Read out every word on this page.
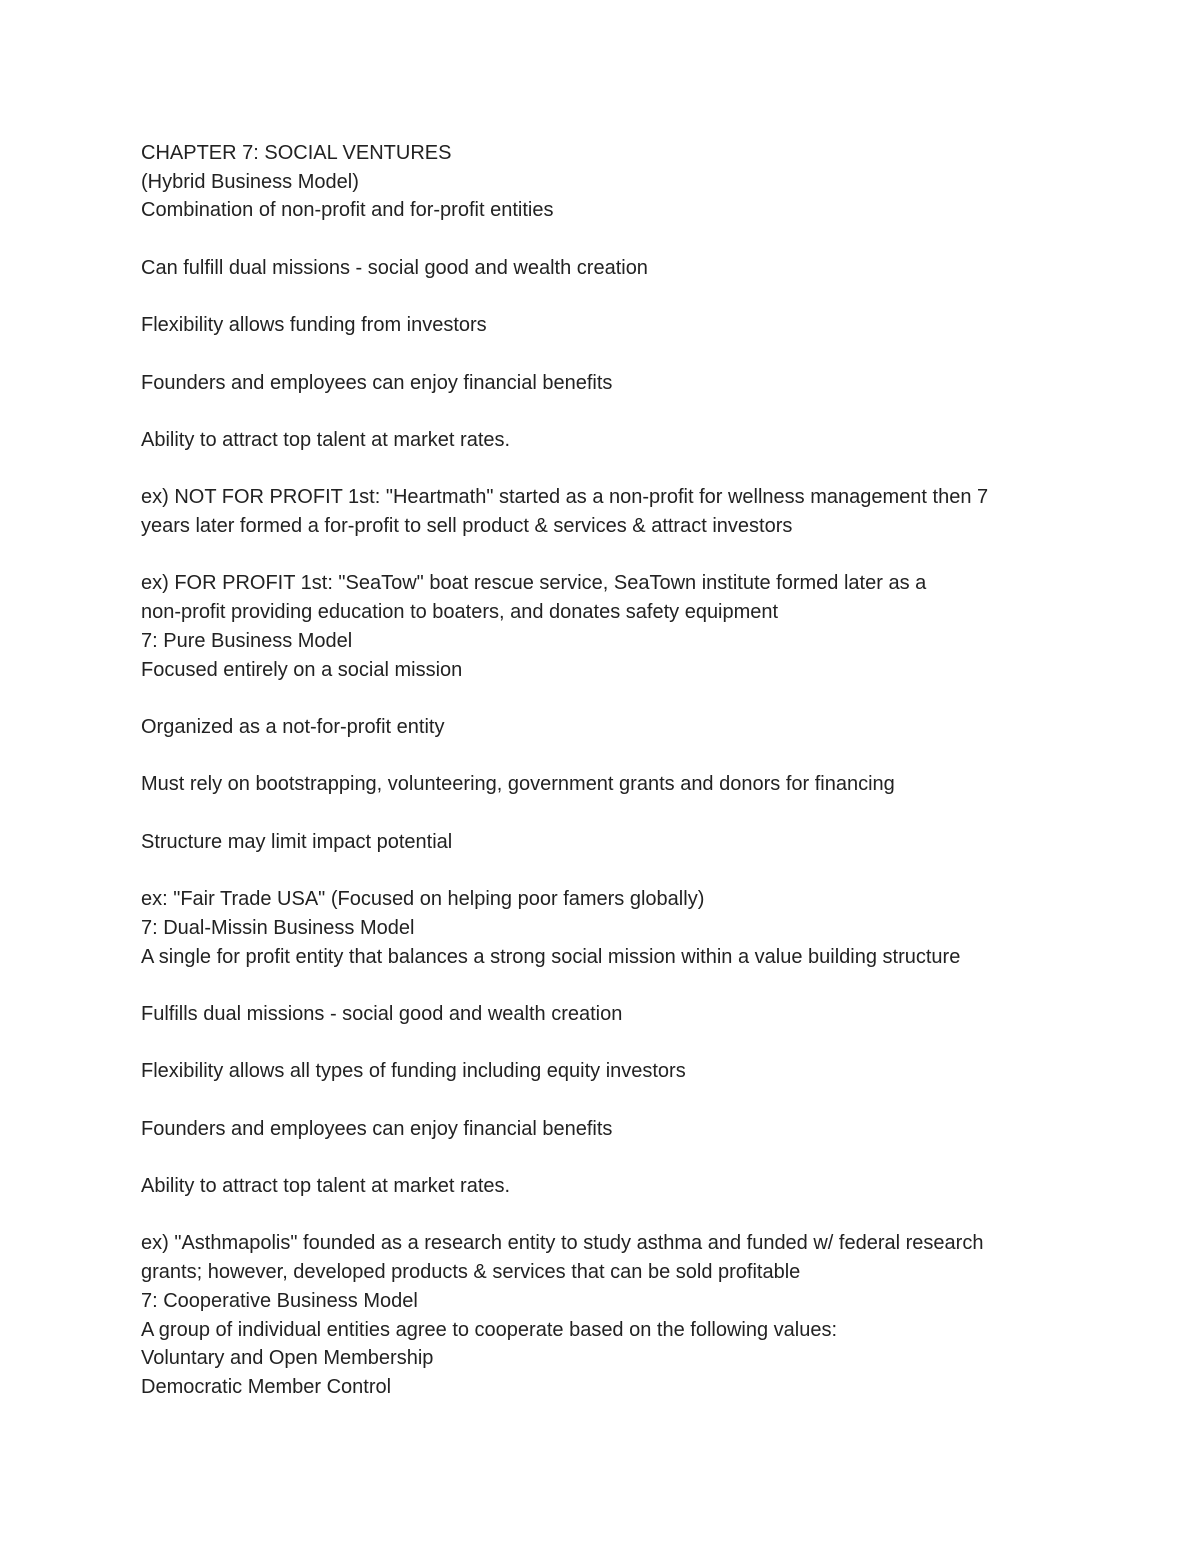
CHAPTER 7: SOCIAL VENTURES
(Hybrid Business Model)
Combination of non-profit and for-profit entities
Can fulfill dual missions - social good and wealth creation
Flexibility allows funding from investors
Founders and employees can enjoy financial benefits
Ability to attract top talent at market rates.
ex) NOT FOR PROFIT 1st: "Heartmath" started as a non-profit for wellness management then 7
years later formed a for-profit to sell product & services & attract investors
ex) FOR PROFIT 1st: "SeaTow" boat rescue service, SeaTown institute formed later as a
non-profit providing education to boaters, and donates safety equipment
7: Pure Business Model
Focused entirely on a social mission
Organized as a not-for-profit entity
Must rely on bootstrapping, volunteering, government grants and donors for financing
Structure may limit impact potential
ex: "Fair Trade USA" (Focused on helping poor famers globally)
7: Dual-Missin Business Model
A single for profit entity that balances a strong social mission within a value building structure
Fulfills dual missions - social good and wealth creation
Flexibility allows all types of funding including equity investors
Founders and employees can enjoy financial benefits
Ability to attract top talent at market rates.
ex) "Asthmapolis" founded as a research entity to study asthma and funded w/ federal research
grants; however, developed products & services that can be sold profitable
7: Cooperative Business Model
A group of individual entities agree to cooperate based on the following values:
Voluntary and Open Membership
Democratic Member Control
